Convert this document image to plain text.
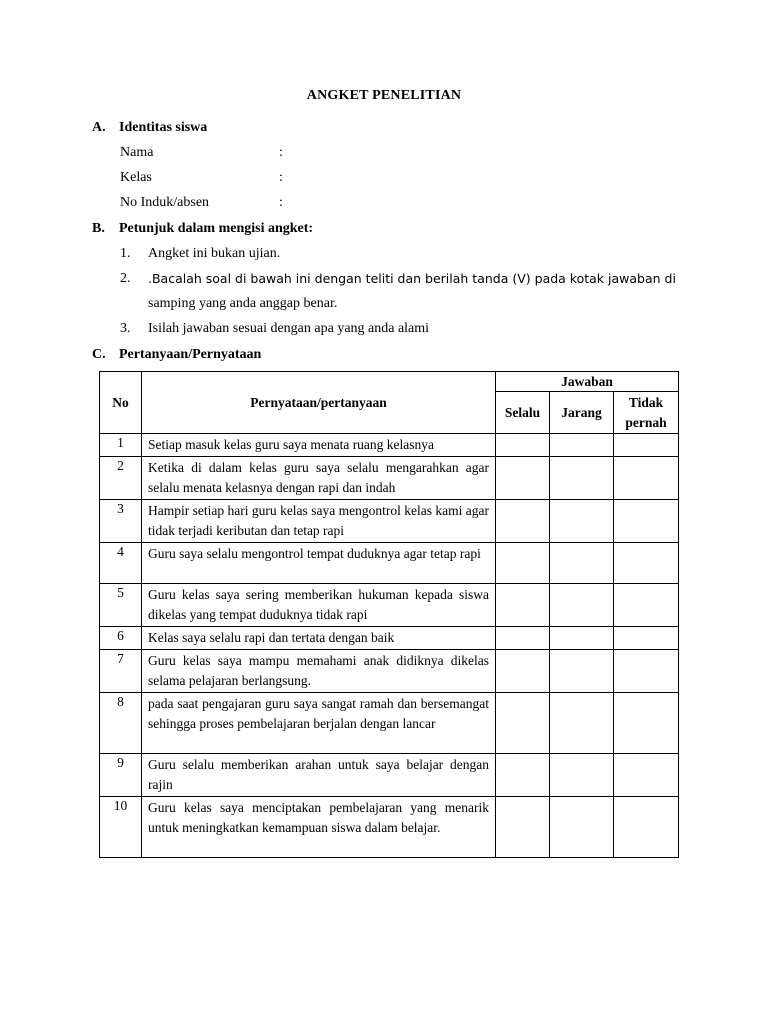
ANGKET PENELITIAN
A. Identitas siswa
Nama	:
Kelas	:
No Induk/absen	:
B. Petunjuk dalam mengisi angket:
1. Angket ini bukan ujian.
2. .Bacalah soal di bawah ini dengan teliti dan berilah tanda (V) pada kotak jawaban di
samping yang anda anggap benar.
3. Isilah jawaban sesuai dengan apa yang anda alami
C. Pertanyaan/Pernyataan
No	Pernyataan/pertanyaan	Jawaban		
		Selalu	Jarang	Tidak pernah
1	Setiap masuk kelas guru saya menata ruang kelasnya			
2	Ketika di dalam kelas guru saya selalu mengarahkan agar selalu menata kelasnya dengan rapi dan indah			
3	Hampir setiap hari guru kelas saya mengontrol kelas kami agar tidak terjadi keributan dan tetap rapi			
4	Guru saya selalu mengontrol tempat duduknya agar tetap rapi			
5	Guru kelas saya sering memberikan hukuman kepada siswa dikelas yang tempat duduknya tidak rapi			
6	Kelas saya selalu rapi dan tertata dengan baik			
7	Guru kelas saya mampu memahami anak didiknya dikelas selama pelajaran berlangsung.			
8	pada saat pengajaran guru saya sangat ramah dan bersemangat sehingga proses pembelajaran berjalan dengan lancar			
9	Guru selalu memberikan arahan untuk saya belajar dengan rajin			
10	Guru kelas saya menciptakan pembelajaran yang menarik untuk meningkatkan kemampuan siswa dalam belajar.			
